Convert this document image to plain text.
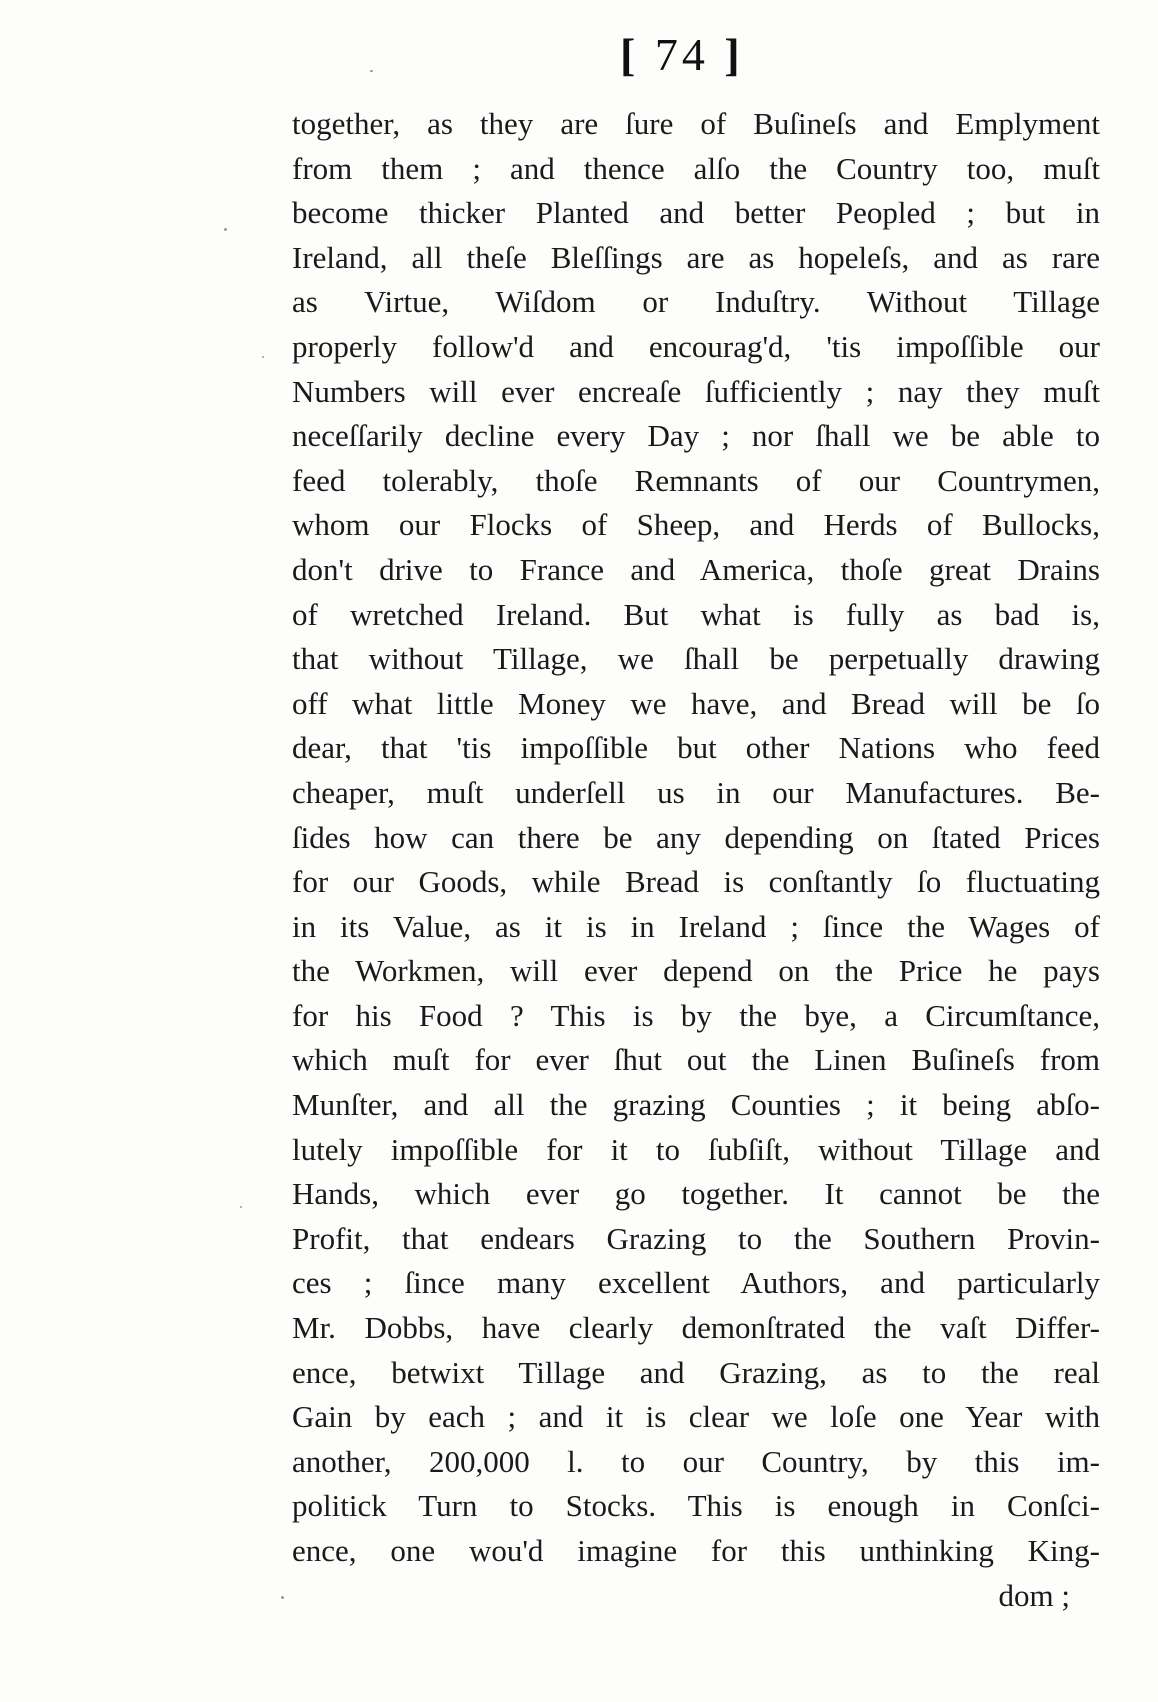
[ 74 ]
together, as they are ſure of Buſineſs and Emplyment
from them ; and thence alſo the Country too, muſt
become thicker Planted and better Peopled ; but in
Ireland, all theſe Bleſſings are as hopeleſs, and as rare
as Virtue, Wiſdom or Induſtry. Without Tillage
properly follow'd and encourag'd, 'tis impoſſible our
Numbers will ever encreaſe ſufficiently ; nay they muſt
neceſſarily decline every Day ; nor ſhall we be able to
feed tolerably, thoſe Remnants of our Countrymen,
whom our Flocks of Sheep, and Herds of Bullocks,
don't drive to France and America, thoſe great Drains
of wretched Ireland. But what is fully as bad is,
that without Tillage, we ſhall be perpetually drawing
off what little Money we have, and Bread will be ſo
dear, that 'tis impoſſible but other Nations who feed
cheaper, muſt underſell us in our Manufactures. Be-
ſides how can there be any depending on ſtated Prices
for our Goods, while Bread is conſtantly ſo fluctuating
in its Value, as it is in Ireland ; ſince the Wages of
the Workmen, will ever depend on the Price he pays
for his Food ? This is by the bye, a Circumſtance,
which muſt for ever ſhut out the Linen Buſineſs from
Munſter, and all the grazing Counties ; it being abſo-
lutely impoſſible for it to ſubſiſt, without Tillage and
Hands, which ever go together. It cannot be the
Profit, that endears Grazing to the Southern Provin-
ces ; ſince many excellent Authors, and particularly
Mr. Dobbs, have clearly demonſtrated the vaſt Differ-
ence, betwixt Tillage and Grazing, as to the real
Gain by each ; and it is clear we loſe one Year with
another, 200,000 l. to our Country, by this im-
politick Turn to Stocks. This is enough in Conſci-
ence, one wou'd imagine for this unthinking King-
dom ;
